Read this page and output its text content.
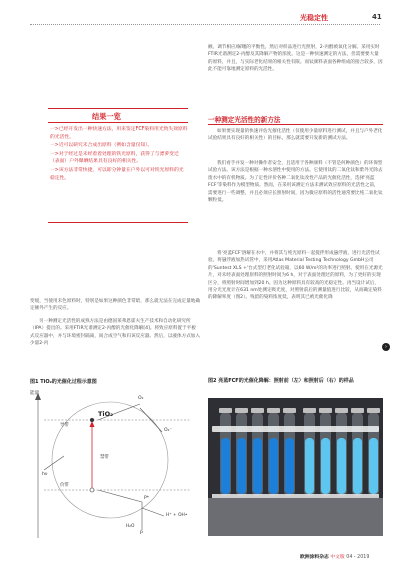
光稳定性	41

额。调节相应/解噻的平衡性。然后对样品进行光照射，2-丙醇被氧化分解。采用实时FTIR光谱测定2-丙醇及其降解产物的浓度。这是一种快速测定的方法，但需要要大量的原料，并且，与实际老化结果的相关性有限。而钛颜料表面各种组成的接合较多，因此不能可靠地测定原料的光活性。

结果一览

一>已经开发出一种快速方法，用来鉴定FCF染料用光致失效原料的光活性。

一>近可以研究未合成出原料（例如含量仅知）。

一>对于经过是未经着着处理的铁光原料，获得了与漂萝变迁（表面）户外曝晒结果具有良好的相关性。

一>该方法非常快捷，可以即分钟量在户外以可对铁光原料的光稳定性。

一种测定光活性的新方法

如果要实现量的快速评估光催化活性（仅使用少量原料进行测试，并且与户外老化试验结果具有良好的相关性）的目标，那么就需要开发新的测试方法。

我们看手并发一种对操作者安全，且适用于各种颜料（不管是何种颜色）的环保型试验方法。该方法是根据一种水溶性中使用的方法。它使用钛的二氧化钛和紫外光除去废水中的有机物质。为了定性评价各种二氧化钛改性产品的光催化活性，选择'亮蓝FCF'等染料作为模型物质。然而，在采用该测定方法未测试效应原料的光活性之前，需要进行一些调整，并且必须应长照射时间，因为微应原料的活性通常要比纯二氧化钛颗粒低。

将'亮蓝FCF'溶解在水中，并将其与纯光原料一起搅拌形成悬浮液，进行光活性试验。将悬浮液加热试管中，采用Atlas Material Testing Technology GmbH公司的'Suntest XLS +'台式型灯老化试验箱，以60 W/m²的功率进行照射。使用在光源光片，对未经表面处理原料的照射时间为6 h，对于表面处理过的原料，为了更好的实现区分，将照射时间增加到20 h。因为这种原料具有较高的光稳定性。再当设计试后，用分光光度计在631 nm处测定吸光度，对照射前后的测量值进行比较，从而确定染料的降解率度（图2）。残留的染料浓度低，表明其已被光催化降

变缓，当使用未色原料时，特别是如果这种颜色非常暗，那么就无法在完成定量地确定额外产生的反应。

另一种测定光活性的成熟方法是由德国莱弗恩霍夫生产技术和自动化研究所（IPA）提出的。采用FTIR光谱测定2-丙醇的光催化降解[4]。将致应原料置于平板式反应器中，并与环境密封隔离，间合成空气和归该反应器。然后，以液体方式加入少量2-丙

›
图1 TiO₂的光催化过程示意图
能量
TiO₂
导带
价带
禁带
hν
O₂
O₂⁻
P*
P
H⁺ + OH•
H₂O
图2 亮蓝FCF的光催化降解：照射前（左）和照射后（右）的样品
欧洲涂料杂志 中文版 04・2019
